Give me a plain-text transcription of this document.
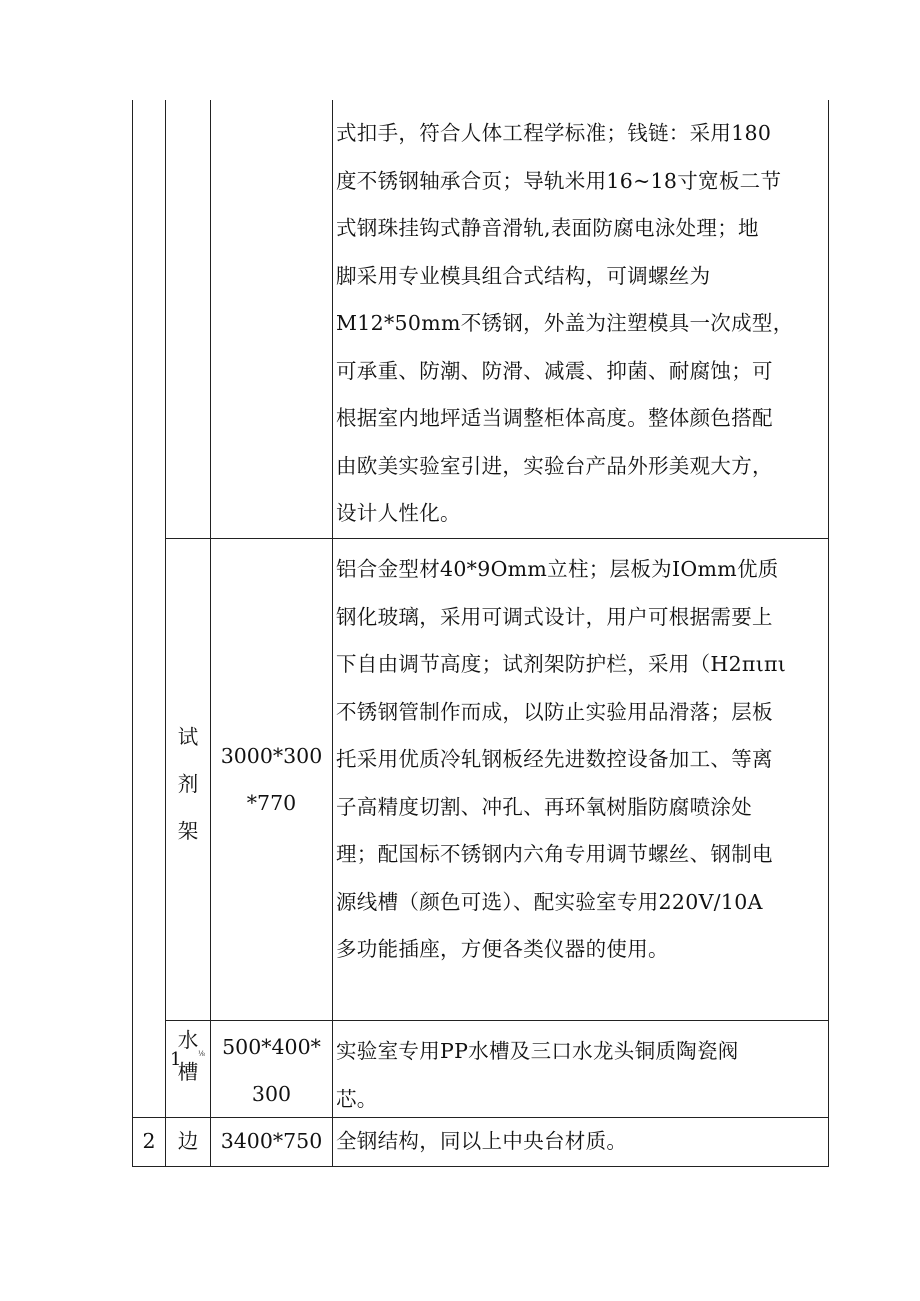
式扣手，符合人体工程学标准；钱链：采用180
度不锈钢轴承合页；导轨米用16~18寸宽板二节
式钢珠挂钩式静音滑轨,表面防腐电泳处理；地
脚采用专业模具组合式结构，可调螺丝为
M12*50mm不锈钢，外盖为注塑模具一次成型，
可承重、防潮、防滑、减震、抑菌、耐腐蚀；可
根据室内地坪适当调整柜体高度。整体颜色搭配
由欧美实验室引进，实验台产品外形美观大方，
设计人性化。

试
剂
架

3000*300
*770

铝合金型材40*9Omm立柱；层板为IOmm优质
钢化玻璃，采用可调式设计，用户可根据需要上
下自由调节高度；试剂架防护栏，采用（H2πιπι
不锈钢管制作而成，以防止实验用品滑落；层板
托采用优质冷轧钢板经先进数控设备加工、等离
子高精度切割、冲孔、再环氧树脂防腐喷涂处
理；配国标不锈钢内六角专用调节螺丝、钢制电
源线槽（颜色可选）、配实验室专用220V/10A
多功能插座，方便各类仪器的使用。

水
槽
1 ⅛ 500*400*
300

实验室专用PP水槽及三口水龙头铜质陶瓷阀
芯。

2	边	3400*750 全钢结构，同以上中央台材质。
